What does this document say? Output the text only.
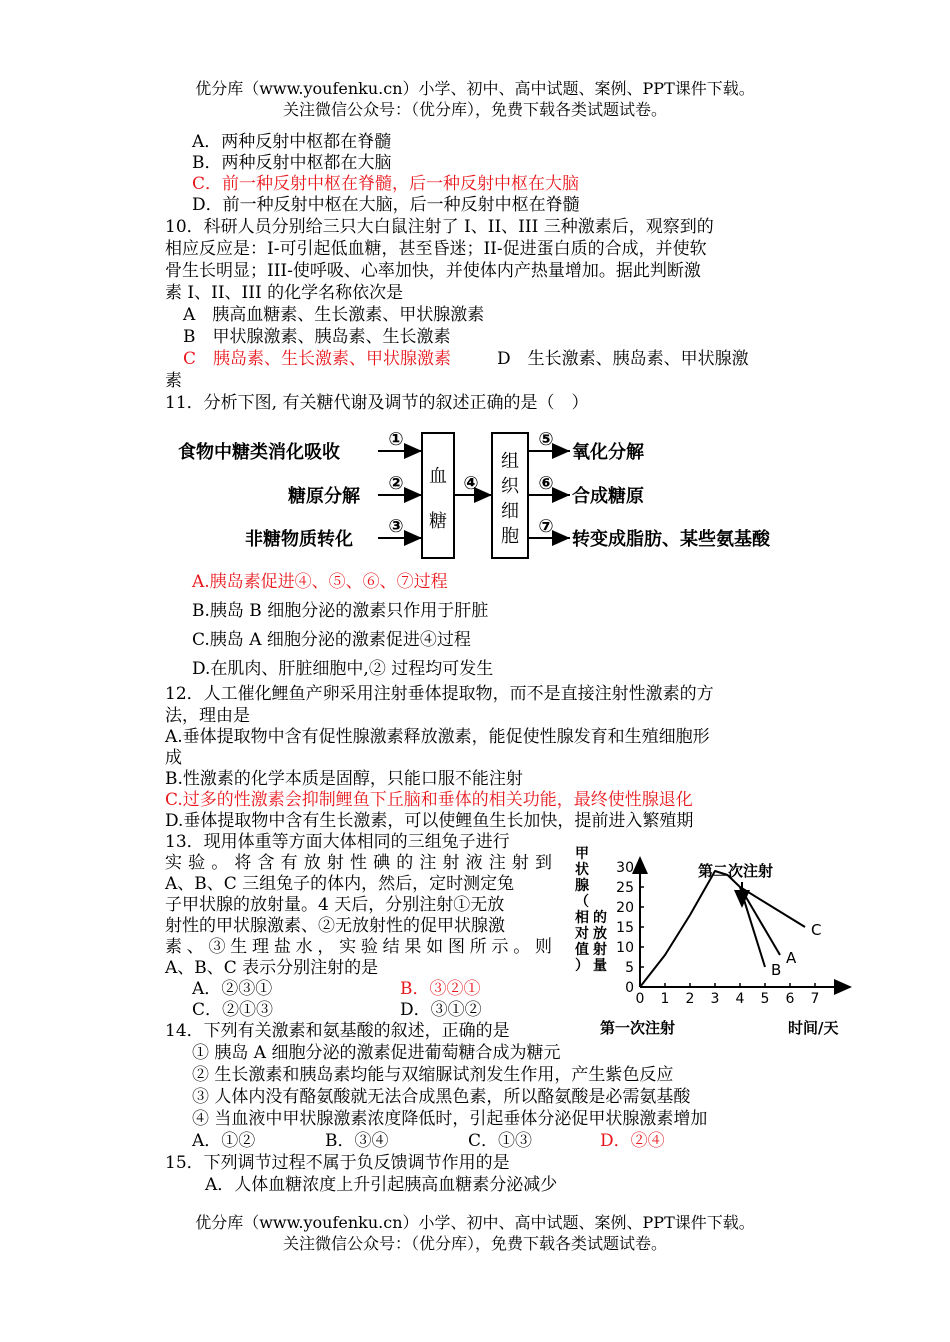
优分库（www.youfenku.cn）小学、初中、高中试题、案例、PPT课件下载。
关注微信公众号：（优分库），免费下载各类试题试卷。
A．两种反射中枢都在脊髓
B．两种反射中枢都在大脑
C．前一种反射中枢在脊髓，后一种反射中枢在大脑
D．前一种反射中枢在大脑，后一种反射中枢在脊髓
10．科研人员分别给三只大白鼠注射了 I、II、III 三种激素后，观察到的
相应反应是：I-可引起低血糖，甚至昏迷；II-促进蛋白质的合成，并使软
骨生长明显；III-使呼吸、心率加快，并使体内产热量增加。据此判断激
素 I、II、III 的化学名称依次是
A　胰高血糖素、生长激素、甲状腺激素
B　甲状腺激素、胰岛素、生长激素
C　胰岛素、生长激素、甲状腺激素	D　生长激素、胰岛素、甲状腺激
素
11．分析下图, 有关糖代谢及调节的叙述正确的是（　）
食物中糖类消化吸收
糖原分解
非糖物质转化
①
②
③
④
⑤
⑥
⑦
血
糖
组
织
细
胞
氧化分解
合成糖原
转变成脂肪、某些氨基酸
A.胰岛素促进④、⑤、⑥、⑦过程
B.胰岛 B 细胞分泌的激素只作用于肝脏
C.胰岛 A 细胞分泌的激素促进④过程
D.在肌肉、肝脏细胞中,② 过程均可发生
12．人工催化鲤鱼产卵采用注射垂体提取物，而不是直接注射性激素的方
法，理由是
A.垂体提取物中含有促性腺激素释放激素，能促使性腺发育和生殖细胞形
成
B.性激素的化学本质是固醇，只能口服不能注射
C.过多的性激素会抑制鲤鱼下丘脑和垂体的相关功能，最终使性腺退化
D.垂体提取物中含有生长激素，可以使鲤鱼生长加快，提前进入繁殖期
13．现用体重等方面大体相同的三组兔子进行
实验。将含有放射性碘的注射液注射到
A、B、C 三组兔子的体内，然后，定时测定兔
子甲状腺的放射量。4 天后，分别注射①无放
射性的甲状腺激素、②无放射性的促甲状腺激
素、③生理盐水，实验结果如图所示。则
A、B、C 表示分别注射的是
A．②③①	B．③②①
C．②①③	D．③①②
甲
状
腺
（
相
对
值
）
的
放
射
量
0 1 2 3 4 5 6 7
0
5
10
15
20
25
30
A
B
C
第二次注射
第一次注射	时间/天
14．下列有关激素和氨基酸的叙述，正确的是
① 胰岛 A 细胞分泌的激素促进葡萄糖合成为糖元
② 生长激素和胰岛素均能与双缩脲试剂发生作用，产生紫色反应
③ 人体内没有酪氨酸就无法合成黑色素，所以酪氨酸是必需氨基酸
④ 当血液中甲状腺激素浓度降低时，引起垂体分泌促甲状腺激素增加
A．①②	B．③④	C．①③	D．②④
15．下列调节过程不属于负反馈调节作用的是
A．人体血糖浓度上升引起胰高血糖素分泌减少
优分库（www.youfenku.cn）小学、初中、高中试题、案例、PPT课件下载。
关注微信公众号：（优分库），免费下载各类试题试卷。
